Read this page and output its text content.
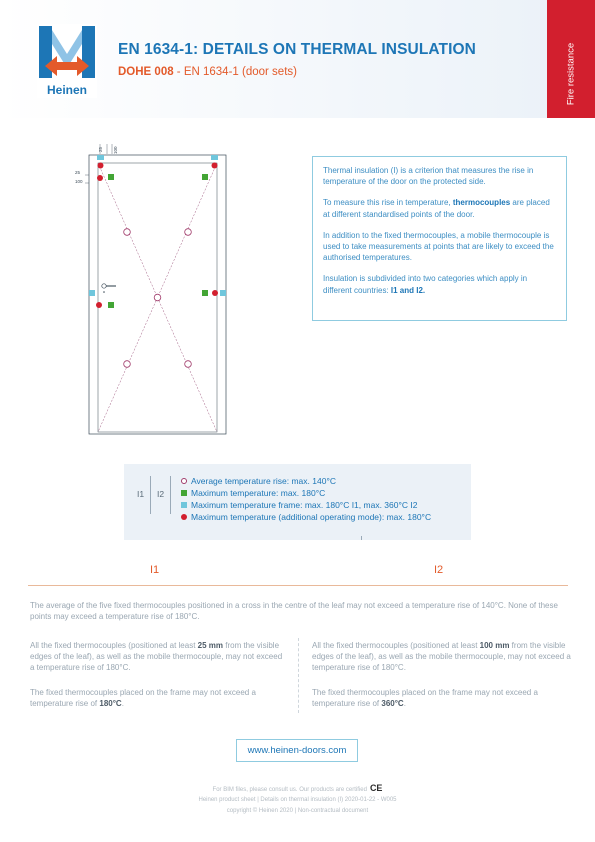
Heinen
EN 1634-1: DETAILS ON THERMAL INSULATION
DOHE 008 - EN 1634-1 (door sets)	Fire resistance
25 100
25
100

Thermal insulation (I) is a criterion that measures the rise in temperature of the door on the protected side.

To measure this rise in temperature, thermocouples are placed at different standardised points of the door.

In addition to the fixed thermocouples, a mobile thermocouple is used to take measurements at points that are likely to exceed the authorised temperatures.

Insulation is subdivided into two categories which apply in different countries: I1 and I2.

I1 I2
Average temperature rise: max. 140°C
Maximum temperature: max. 180°C
Maximum temperature frame: max. 180°C I1, max. 360°C I2
Maximum temperature (additional operating mode): max. 180°C
I1	I2
The average of the five fixed thermocouples positioned in a cross in the centre of the leaf may not exceed a temperature rise of 140°C. None of these points may exceed a temperature rise of 180°C.
All the fixed thermocouples (positioned at least 25 mm from the visible edges of the leaf), as well as the mobile thermocouple, may not exceed a temperature rise of 180°C.
The fixed thermocouples placed on the frame may not exceed a temperature rise of 180°C.
All the fixed thermocouples (positioned at least 100 mm from the visible edges of the leaf), as well as the mobile thermocouple, may not exceed a temperature rise of 180°C.
The fixed thermocouples placed on the frame may not exceed a temperature rise of 360°C.
www.heinen-doors.com
For BIM files, please consult us. Our products are certified CE
Heinen product sheet | Details on thermal insulation (I) 2020-01-22 - W005
copyright © Heinen 2020 | Non-contractual document
